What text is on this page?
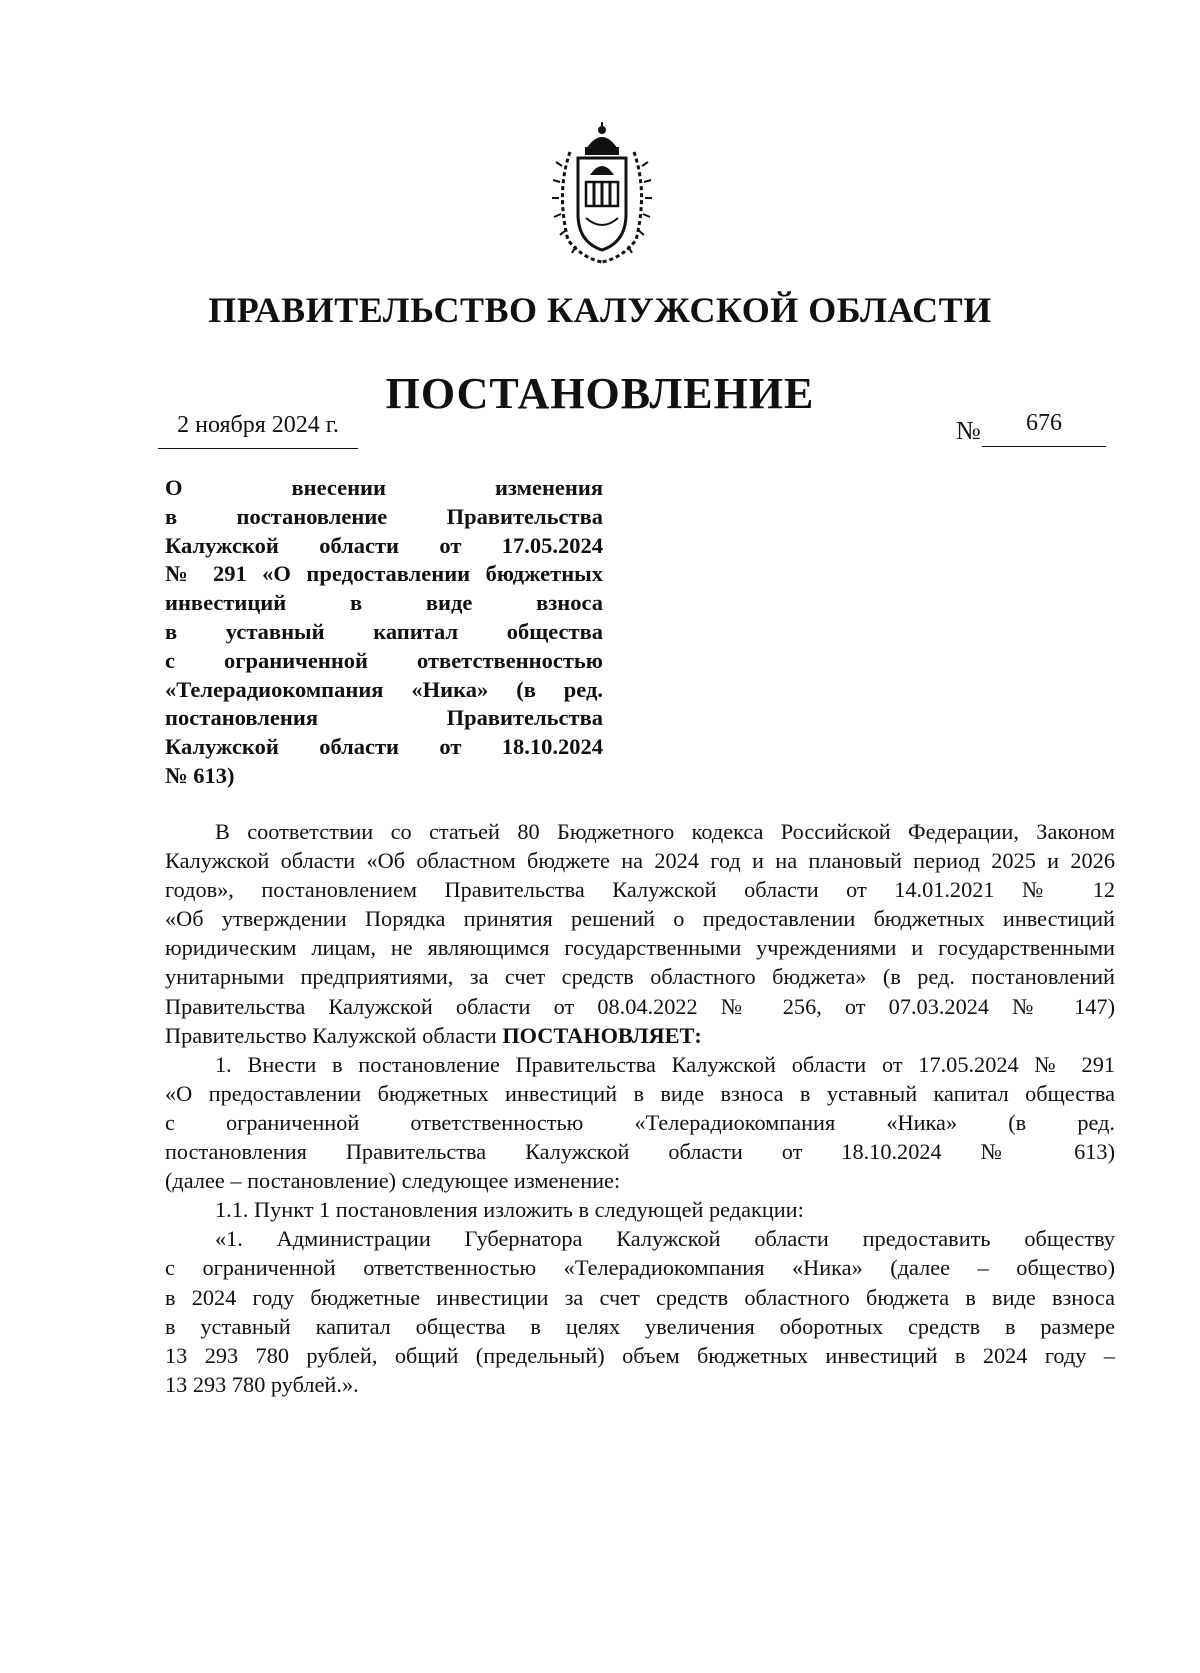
ПРАВИТЕЛЬСТВО КАЛУЖСКОЙ ОБЛАСТИ
ПОСТАНОВЛЕНИЕ
2 ноября 2024 г.	№ 676
О внесении изменения
в постановление Правительства
Калужской области от 17.05.2024
№ 291 «О предоставлении бюджетных
инвестиций в виде взноса
в уставный капитал общества
с ограниченной ответственностью
«Телерадиокомпания «Ника» (в ред.
постановления Правительства
Калужской области от 18.10.2024
№ 613)
В соответствии со статьей 80 Бюджетного кодекса Российской Федерации, Законом
Калужской области «Об областном бюджете на 2024 год и на плановый период 2025 и 2026
годов», постановлением Правительства Калужской области от 14.01.2021 № 12
«Об утверждении Порядка принятия решений о предоставлении бюджетных инвестиций
юридическим лицам, не являющимся государственными учреждениями и государственными
унитарными предприятиями, за счет средств областного бюджета» (в ред. постановлений
Правительства Калужской области от 08.04.2022 № 256, от 07.03.2024 № 147)
Правительство Калужской области ПОСТАНОВЛЯЕТ:
1. Внести в постановление Правительства Калужской области от 17.05.2024 № 291
«О предоставлении бюджетных инвестиций в виде взноса в уставный капитал общества
с ограниченной ответственностью «Телерадиокомпания «Ника» (в ред.
постановления Правительства Калужской области от 18.10.2024 № 613)
(далее – постановление) следующее изменение:
1.1. Пункт 1 постановления изложить в следующей редакции:
«1. Администрации Губернатора Калужской области предоставить обществу
с ограниченной ответственностью «Телерадиокомпания «Ника» (далее – общество)
в 2024 году бюджетные инвестиции за счет средств областного бюджета в виде взноса
в уставный капитал общества в целях увеличения оборотных средств в размере
13 293 780 рублей, общий (предельный) объем бюджетных инвестиций в 2024 году –
13 293 780 рублей.».
